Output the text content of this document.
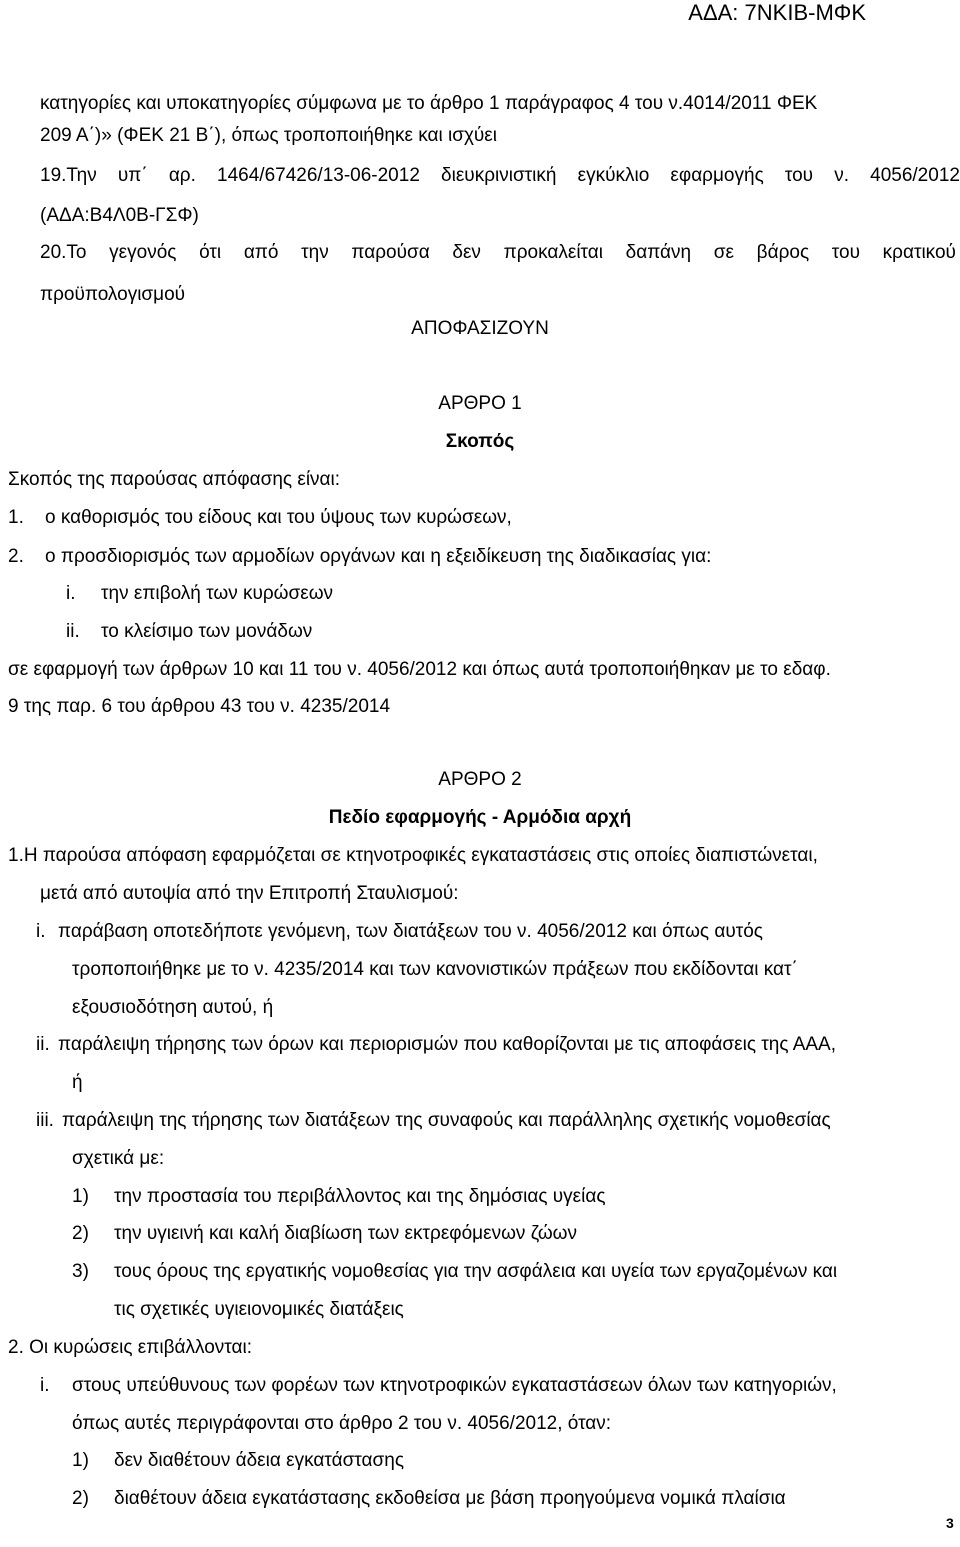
ΑΔΑ: 7ΝΚΙΒ-ΜΦΚ
κατηγορίες και υποκατηγορίες σύμφωνα με το άρθρο 1 παράγραφος 4 του ν.4014/2011 ΦΕΚ
209 Α΄)» (ΦΕΚ 21 Β΄), όπως τροποποιήθηκε και ισχύει
19.Την υπ΄ αρ. 1464/67426/13-06-2012 διευκρινιστική εγκύκλιο εφαρμογής του ν. 4056/2012
(ΑΔΑ:Β4Λ0Β-ΓΣΦ)
20.Το γεγονός ότι από την παρούσα δεν προκαλείται δαπάνη σε βάρος του κρατικού
προϋπολογισμού
ΑΠΟΦΑΣΙΖΟΥΝ
ΑΡΘΡΟ 1
Σκοπός
Σκοπός της παρούσας απόφασης είναι:
1. ο καθορισμός του είδους και του ύψους των κυρώσεων,
2. ο προσδιορισμός των αρμοδίων οργάνων και η εξειδίκευση της διαδικασίας για:
i. την επιβολή των κυρώσεων
ii. το κλείσιμο των μονάδων
σε εφαρμογή των άρθρων 10 και 11 του ν. 4056/2012 και όπως αυτά τροποποιήθηκαν με το εδαφ.
9 της παρ. 6 του άρθρου 43 του ν. 4235/2014
ΑΡΘΡΟ 2
Πεδίο εφαρμογής - Αρμόδια αρχή
1.Η παρούσα απόφαση εφαρμόζεται σε κτηνοτροφικές εγκαταστάσεις στις οποίες διαπιστώνεται,
μετά από αυτοψία από την Επιτροπή Σταυλισμού:
i. παράβαση οποτεδήποτε γενόμενη, των διατάξεων του ν. 4056/2012 και όπως αυτός
τροποποιήθηκε με το ν. 4235/2014 και των κανονιστικών πράξεων που εκδίδονται κατ΄
εξουσιοδότηση αυτού, ή
ii. παράλειψη τήρησης των όρων και περιορισμών που καθορίζονται με τις αποφάσεις της ΑΑΑ,
ή
iii. παράλειψη της τήρησης των διατάξεων της συναφούς και παράλληλης σχετικής νομοθεσίας
σχετικά με:
1) την προστασία του περιβάλλοντος και της δημόσιας υγείας
2) την υγιεινή και καλή διαβίωση των εκτρεφόμενων ζώων
3) τους όρους της εργατικής νομοθεσίας για την ασφάλεια και υγεία των εργαζομένων και
τις σχετικές υγιειονομικές διατάξεις
2. Οι κυρώσεις επιβάλλονται:
i. στους υπεύθυνους των φορέων των κτηνοτροφικών εγκαταστάσεων όλων των κατηγοριών,
όπως αυτές περιγράφονται στο άρθρο 2 του ν. 4056/2012, όταν:
1) δεν διαθέτουν άδεια εγκατάστασης
2) διαθέτουν άδεια εγκατάστασης εκδοθείσα με βάση προηγούμενα νομικά πλαίσια
3
